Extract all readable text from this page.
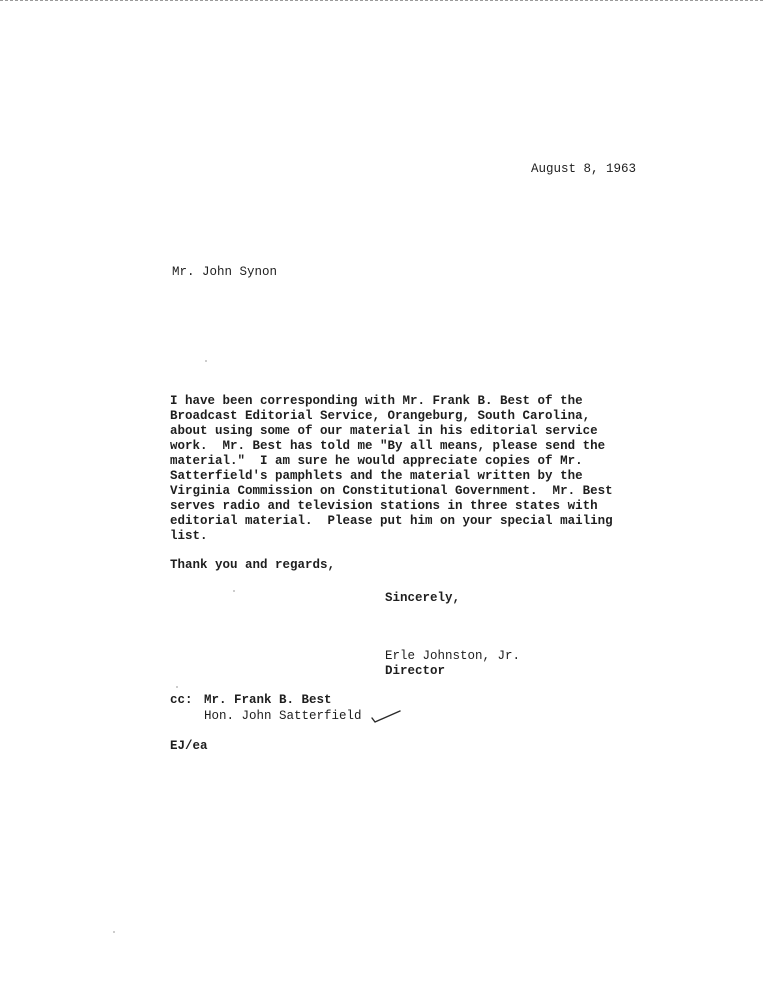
August 8, 1963
Mr. John Synon
I have been corresponding with Mr. Frank B. Best of the
Broadcast Editorial Service, Orangeburg, South Carolina,
about using some of our material in his editorial service
work.  Mr. Best has told me "By all means, please send the
material."  I am sure he would appreciate copies of Mr.
Satterfield's pamphlets and the material written by the
Virginia Commission on Constitutional Government.  Mr. Best
serves radio and television stations in three states with
editorial material.  Please put him on your special mailing
list.
Thank you and regards,
Sincerely,
Erle Johnston, Jr.
Director
cc: Mr. Frank B. Best
Hon. John Satterfield
EJ/ea
